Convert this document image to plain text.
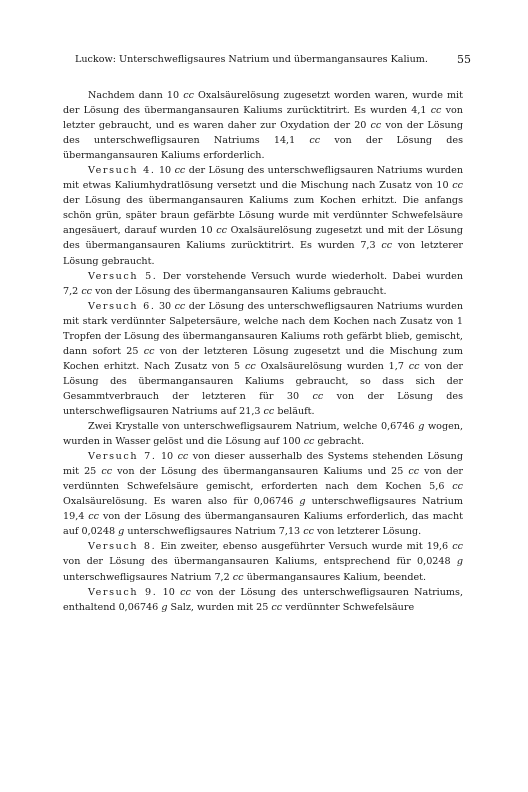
Luckow: Unterschwefligsaures Natrium und übermangansaures Kalium.	55

Nachdem dann 10 cc Oxalsäurelösung zugesetzt worden waren, wurde mit der Lösung des übermangansauren Kaliums zurücktitrirt. Es wurden 4,1 cc von letzter gebraucht, und es waren daher zur Oxydation der 20 cc von der Lösung des unterschwefligsauren Natriums 14,1 cc von der Lösung des übermangansauren Kaliums erforderlich.

Versuch 4. 10 cc der Lösung des unterschwefligsauren Natriums wurden mit etwas Kaliumhydratlösung versetzt und die Mischung nach Zusatz von 10 cc der Lösung des übermangansauren Kaliums zum Kochen erhitzt. Die anfangs schön grün, später braun gefärbte Lösung wurde mit verdünnter Schwefelsäure angesäuert, darauf wurden 10 cc Oxalsäurelösung zugesetzt und mit der Lösung des übermangansauren Kaliums zurücktitrirt. Es wurden 7,3 cc von letzterer Lösung gebraucht.

Versuch 5. Der vorstehende Versuch wurde wiederholt. Dabei wurden 7,2 cc von der Lösung des übermangansauren Kaliums gebraucht.

Versuch 6. 30 cc der Lösung des unterschwefligsauren Natriums wurden mit stark verdünnter Salpetersäure, welche nach dem Kochen nach Zusatz von 1 Tropfen der Lösung des übermangansauren Kaliums roth gefärbt blieb, gemischt, dann sofort 25 cc von der letzteren Lösung zugesetzt und die Mischung zum Kochen erhitzt. Nach Zusatz von 5 cc Oxalsäurelösung wurden 1,7 cc von der Lösung des übermangansauren Kaliums gebraucht, so dass sich der Gesammtverbrauch der letzteren für 30 cc von der Lösung des unterschwefligsauren Natriums auf 21,3 cc beläuft.

Zwei Krystalle von unterschwefligsaurem Natrium, welche 0,6746 g wogen, wurden in Wasser gelöst und die Lösung auf 100 cc gebracht.

Versuch 7. 10 cc von dieser ausserhalb des Systems stehenden Lösung mit 25 cc von der Lösung des übermangansauren Kaliums und 25 cc von der verdünnten Schwefelsäure gemischt, erforderten nach dem Kochen 5,6 cc Oxalsäurelösung. Es waren also für 0,06746 g unterschwefligsaures Natrium 19,4 cc von der Lösung des übermangansauren Kaliums erforderlich, das macht auf 0,0248 g unterschwefligsaures Natrium 7,13 cc von letzterer Lösung.

Versuch 8. Ein zweiter, ebenso ausgeführter Versuch wurde mit 19,6 cc von der Lösung des übermangansauren Kaliums, entsprechend für 0,0248 g unterschwefligsaures Natrium 7,2 cc übermangansaures Kalium, beendet.

Versuch 9. 10 cc von der Lösung des unterschwefligsauren Natriums, enthaltend 0,06746 g Salz, wurden mit 25 cc verdünnter Schwefelsäure
